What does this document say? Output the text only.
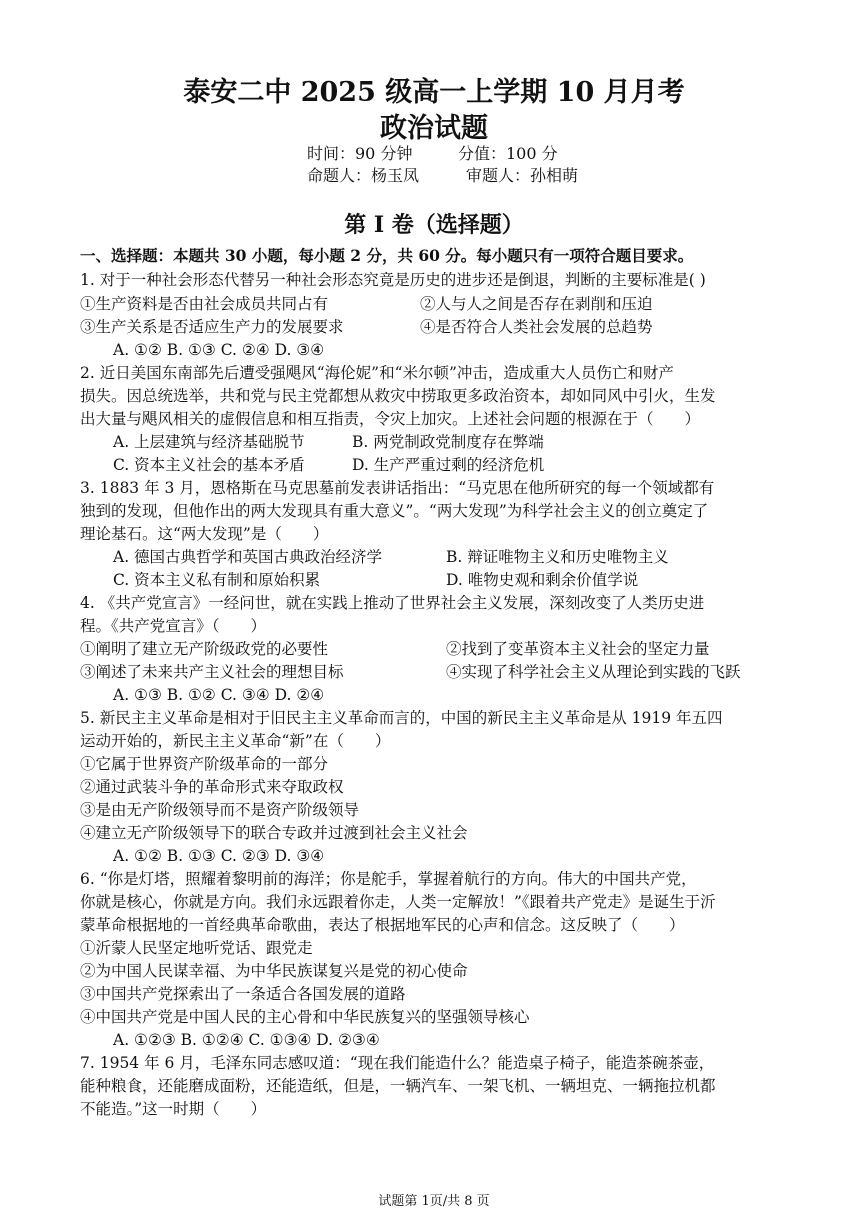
泰安二中 2025 级高一上学期 10 月月考
政治试题
时间：90 分钟	分值：100 分
命题人：杨玉凤	审题人：孙相萌
第 I 卷（选择题）
一、选择题：本题共 30 小题，每小题 2 分，共 60 分。每小题只有一项符合题目要求。
1. 对于一种社会形态代替另一种社会形态究竟是历史的进步还是倒退，判断的主要标准是( )
①生产资料是否由社会成员共同占有	②人与人之间是否存在剥削和压迫
③生产关系是否适应生产力的发展要求	④是否符合人类社会发展的总趋势
A. ①② B. ①③ C. ②④ D. ③④
2. 近日美国东南部先后遭受强飓风“海伦妮”和“米尔顿”冲击，造成重大人员伤亡和财产
损失。因总统选举，共和党与民主党都想从救灾中捞取更多政治资本，却如同风中引火，生发
出大量与飓风相关的虚假信息和相互指责，令灾上加灾。上述社会问题的根源在于（　　）
A. 上层建筑与经济基础脱节	B. 两党制政党制度存在弊端
C. 资本主义社会的基本矛盾	D. 生产严重过剩的经济危机
3. 1883 年 3 月，恩格斯在马克思墓前发表讲话指出：“马克思在他所研究的每一个领域都有
独到的发现，但他作出的两大发现具有重大意义”。“两大发现”为科学社会主义的创立奠定了
理论基石。这“两大发现”是（　　）
A. 德国古典哲学和英国古典政治经济学	B. 辩证唯物主义和历史唯物主义
C. 资本主义私有制和原始积累	D. 唯物史观和剩余价值学说
4. 《共产党宣言》一经问世，就在实践上推动了世界社会主义发展，深刻改变了人类历史进
程。《共产党宣言》（　　）
①阐明了建立无产阶级政党的必要性	②找到了变革资本主义社会的坚定力量
③阐述了未来共产主义社会的理想目标	④实现了科学社会主义从理论到实践的飞跃
A. ①③ B. ①② C. ③④ D. ②④
5. 新民主主义革命是相对于旧民主主义革命而言的，中国的新民主主义革命是从 1919 年五四
运动开始的，新民主主义革命“新”在（　　）
①它属于世界资产阶级革命的一部分
②通过武装斗争的革命形式来夺取政权
③是由无产阶级领导而不是资产阶级领导
④建立无产阶级领导下的联合专政并过渡到社会主义社会
A. ①② B. ①③ C. ②③ D. ③④
6. “你是灯塔，照耀着黎明前的海洋；你是舵手，掌握着航行的方向。伟大的中国共产党，
你就是核心，你就是方向。我们永远跟着你走，人类一定解放！”《跟着共产党走》是诞生于沂
蒙革命根据地的一首经典革命歌曲，表达了根据地军民的心声和信念。这反映了（　　）
①沂蒙人民坚定地听党话、跟党走
②为中国人民谋幸福、为中华民族谋复兴是党的初心使命
③中国共产党探索出了一条适合各国发展的道路
④中国共产党是中国人民的主心骨和中华民族复兴的坚强领导核心
A. ①②③ B. ①②④ C. ①③④ D. ②③④
7. 1954 年 6 月，毛泽东同志感叹道：“现在我们能造什么？能造桌子椅子，能造茶碗茶壶，
能种粮食，还能磨成面粉，还能造纸，但是，一辆汽车、一架飞机、一辆坦克、一辆拖拉机都
不能造。”这一时期（　　）
试题第 1页/共 8 页
